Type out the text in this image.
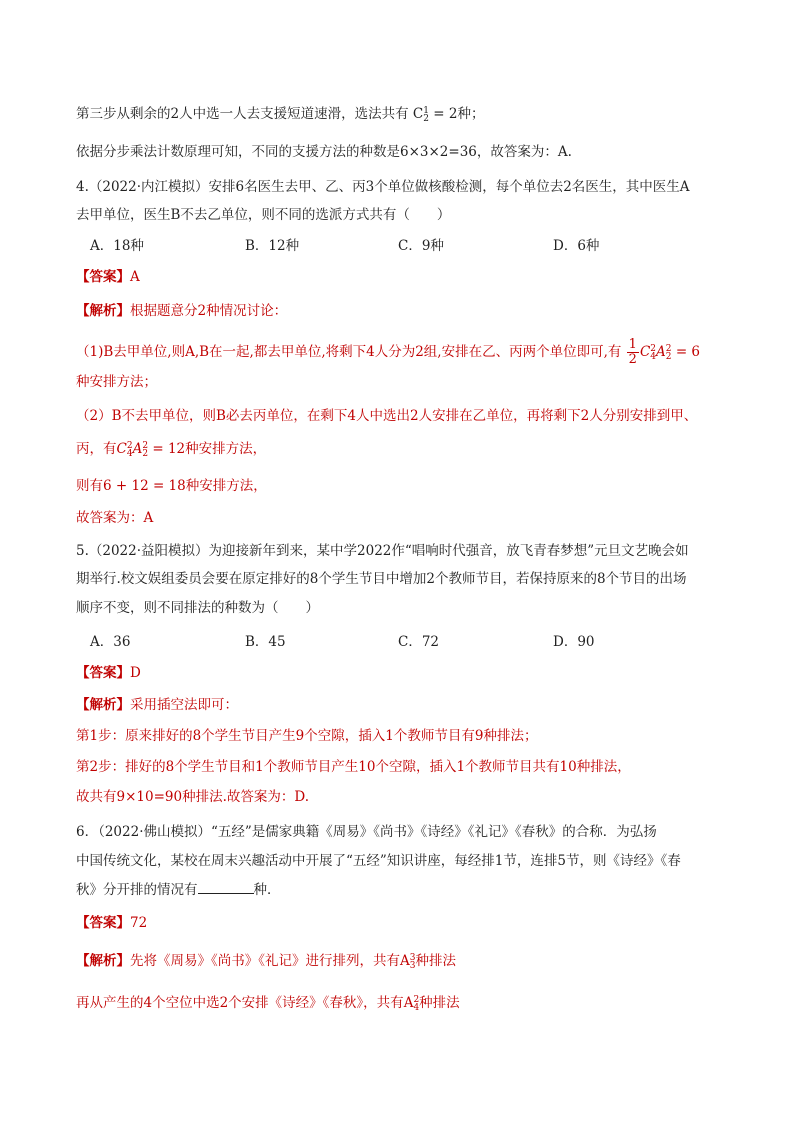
第三步从剩余的2人中选一人去支援短道速滑，选法共有 C 1
2 = 2种；
依据分步乘法计数原理可知，不同的支援方法的种数是6×3×2=36，故答案为：A.
4.（2022·内江模拟）安排6名医生去甲、乙、丙3个单位做核酸检测，每个单位去2名医生，其中医生A
去甲单位，医生B不去乙单位，则不同的选派方式共有（　　）
A．18种	B．12种	C．9种	D．6种
【答案】A
【解析】根据题意分2种情况讨论：
（1)B去甲单位,则A,B在一起,都去甲单位,将剩下4人分为2组,安排在乙、丙两个单位即可,有 $\frac{1}{2}$ C 2
4 A 2
2 = 6
种安排方法；
（2）B不去甲单位，则B必去丙单位，在剩下4人中选出2人安排在乙单位，再将剩下2人分别安排到甲、
丙，有C 2
4 A 2
2 = 12种安排方法，
则有6 + 12 = 18种安排方法，
故答案为：A
5.（2022·益阳模拟）为迎接新年到来，某中学2022作“唱响时代强音，放飞青春梦想”元旦文艺晚会如
期举行.校文娱组委员会要在原定排好的8个学生节目中增加2个教师节目，若保持原来的8个节目的出场
顺序不变，则不同排法的种数为（　　）
A．36	B．45	C．72	D．90
【答案】D
【解析】采用插空法即可：
第1步：原来排好的8个学生节目产生9个空隙，插入1个教师节目有9种排法；
第2步：排好的8个学生节目和1个教师节目产生10个空隙，插入1个教师节目共有10种排法，
故共有9×10=90种排法.故答案为：D.
6．（2022·佛山模拟）“五经”是儒家典籍《周易》《尚书》《诗经》《礼记》《春秋》的合称．为弘扬
中国传统文化，某校在周末兴趣活动中开展了“五经”知识讲座，每经排1节，连排5节，则《诗经》《春
秋》分开排的情况有	种．
【答案】72
【解析】先将《周易》《尚书》《礼记》进行排列，共有A 3
3 种排法
再从产生的4个空位中选2个安排《诗经》《春秋》，共有A 2
4 种排法
